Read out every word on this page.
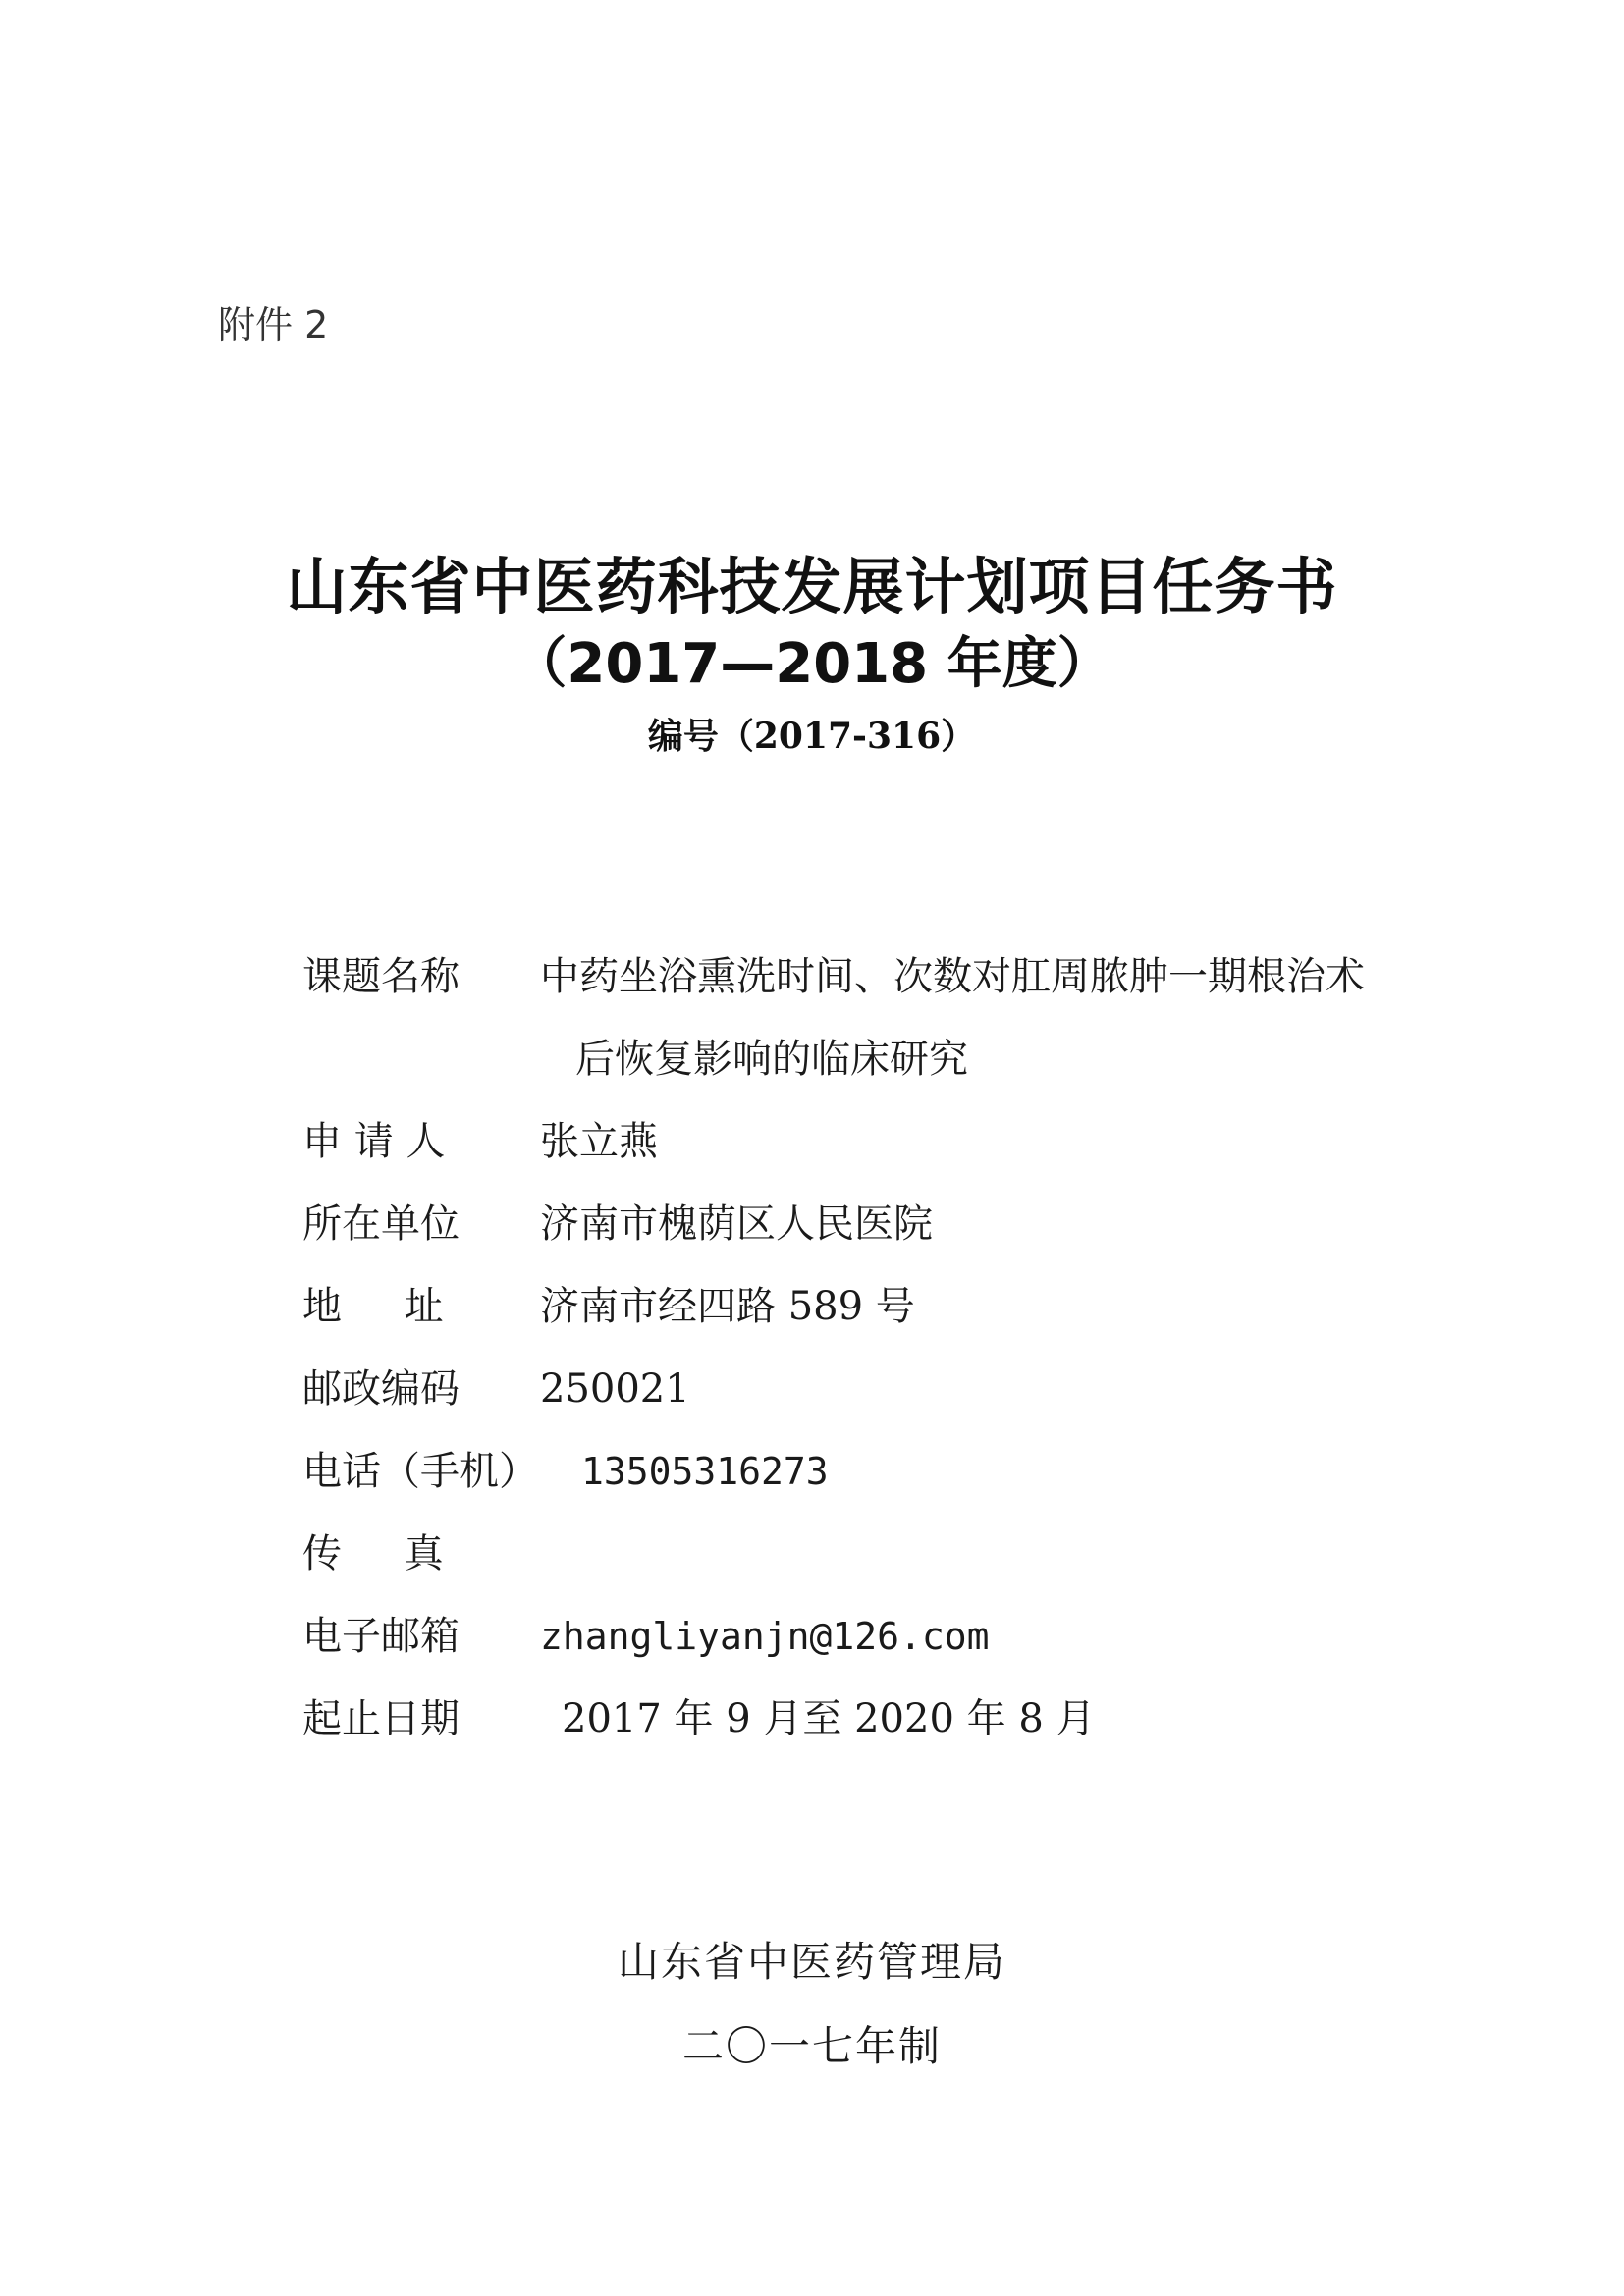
附件 2
山东省中医药科技发展计划项目任务书
（2017—2018 年度）
编号（2017-316）
课题名称	中药坐浴熏洗时间、次数对肛周脓肿一期根治术
后恢复影响的临床研究
申 请 人	张立燕
所在单位	济南市槐荫区人民医院
地     址	济南市经四路 589 号
邮政编码	250021
电话（手机） 13505316273
传     真
电子邮箱	zhangliyanjn@126.com
起止日期	2017 年 9 月至 2020 年 8 月
山东省中医药管理局
二〇一七年制
